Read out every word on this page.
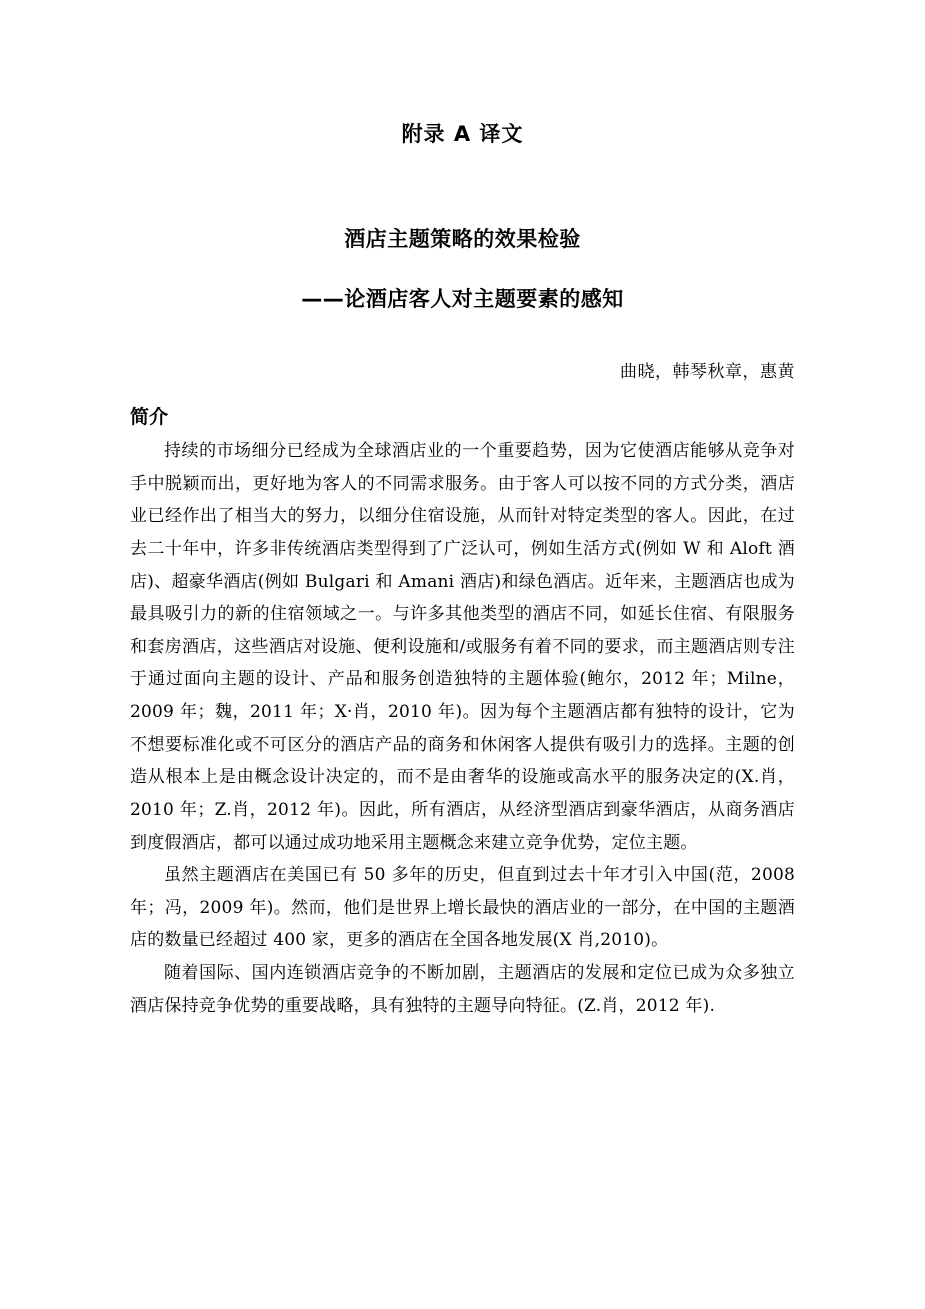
附录 A 译文
酒店主题策略的效果检验
——论酒店客人对主题要素的感知
曲晓，韩琴秋章，惠黄
简介

持续的市场细分已经成为全球酒店业的一个重要趋势，因为它使酒店能够从竞争对手中脱颖而出，更好地为客人的不同需求服务。由于客人可以按不同的方式分类，酒店业已经作出了相当大的努力，以细分住宿设施，从而针对特定类型的客人。因此，在过去二十年中，许多非传统酒店类型得到了广泛认可，例如生活方式(例如 W 和 Aloft 酒店)、超豪华酒店(例如 Bulgari 和 Amani 酒店)和绿色酒店。近年来，主题酒店也成为最具吸引力的新的住宿领域之一。与许多其他类型的酒店不同，如延长住宿、有限服务和套房酒店，这些酒店对设施、便利设施和/或服务有着不同的要求，而主题酒店则专注于通过面向主题的设计、产品和服务创造独特的主题体验(鲍尔，2012 年；Milne，2009 年；魏，2011 年；X·肖，2010 年)。因为每个主题酒店都有独特的设计，它为不想要标准化或不可区分的酒店产品的商务和休闲客人提供有吸引力的选择。主题的创造从根本上是由概念设计决定的，而不是由奢华的设施或高水平的服务决定的(X.肖，2010 年；Z.肖，2012 年)。因此，所有酒店，从经济型酒店到豪华酒店，从商务酒店到度假酒店，都可以通过成功地采用主题概念来建立竞争优势，定位主题。

虽然主题酒店在美国已有 50 多年的历史，但直到过去十年才引入中国(范，2008 年；冯，2009 年)。然而，他们是世界上增长最快的酒店业的一部分，在中国的主题酒店的数量已经超过 400 家，更多的酒店在全国各地发展(X 肖,2010)。

随着国际、国内连锁酒店竞争的不断加剧，主题酒店的发展和定位已成为众多独立酒店保持竞争优势的重要战略，具有独特的主题导向特征。(Z.肖，2012 年).
